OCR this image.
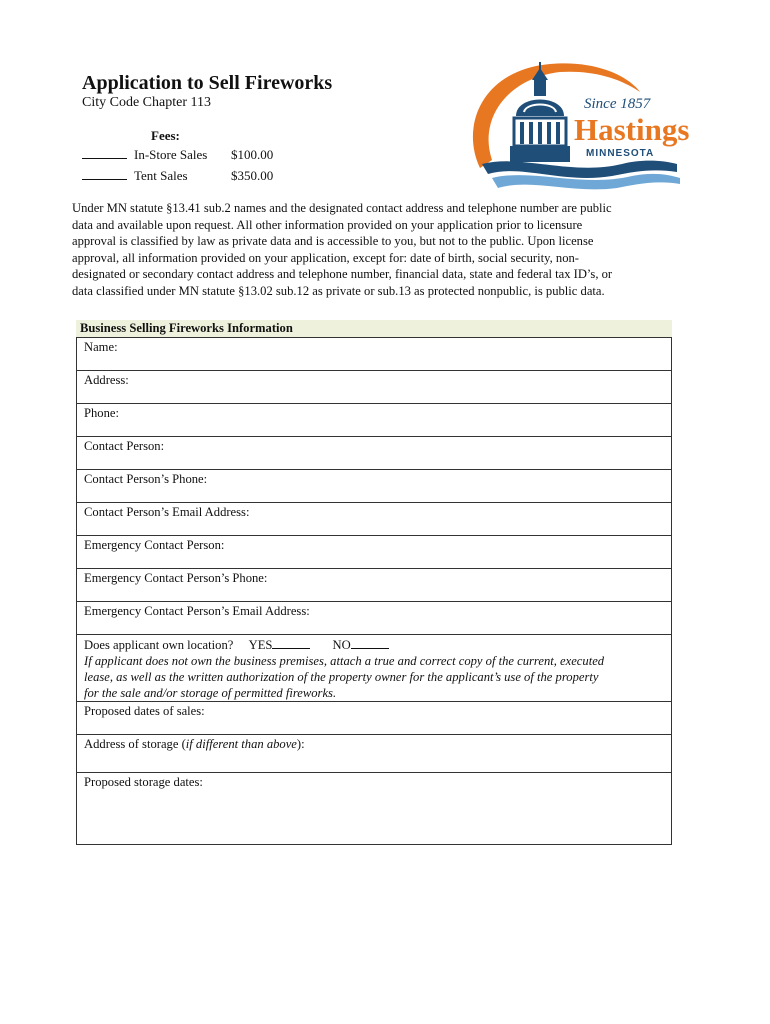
Application to Sell Fireworks
City Code Chapter 113
Fees:
In-Store Sales	$100.00
Tent Sales	$350.00
Since 1857
Hastings
MINNESOTA
Under MN statute §13.41 sub.2 names and the designated contact address and telephone number are public
data and available upon request. All other information provided on your application prior to licensure
approval is classified by law as private data and is accessible to you, but not to the public. Upon license
approval, all information provided on your application, except for: date of birth, social security, non-
designated or secondary contact address and telephone number, financial data, state and federal tax ID’s, or
data classified under MN statute §13.02 sub.12 as private or sub.13 as protected nonpublic, is public data.
Business Selling Fireworks Information
Name:
Address:
Phone:
Contact Person:
Contact Person’s Phone:
Contact Person’s Email Address:
Emergency Contact Person:
Emergency Contact Person’s Phone:
Emergency Contact Person’s Email Address:
Does applicant own location? YES	NO
If applicant does not own the business premises, attach a true and correct copy of the current, executed
lease, as well as the written authorization of the property owner for the applicant’s use of the property
for the sale and/or storage of permitted fireworks.
Proposed dates of sales:
Address of storage (if different than above):
Proposed storage dates:
